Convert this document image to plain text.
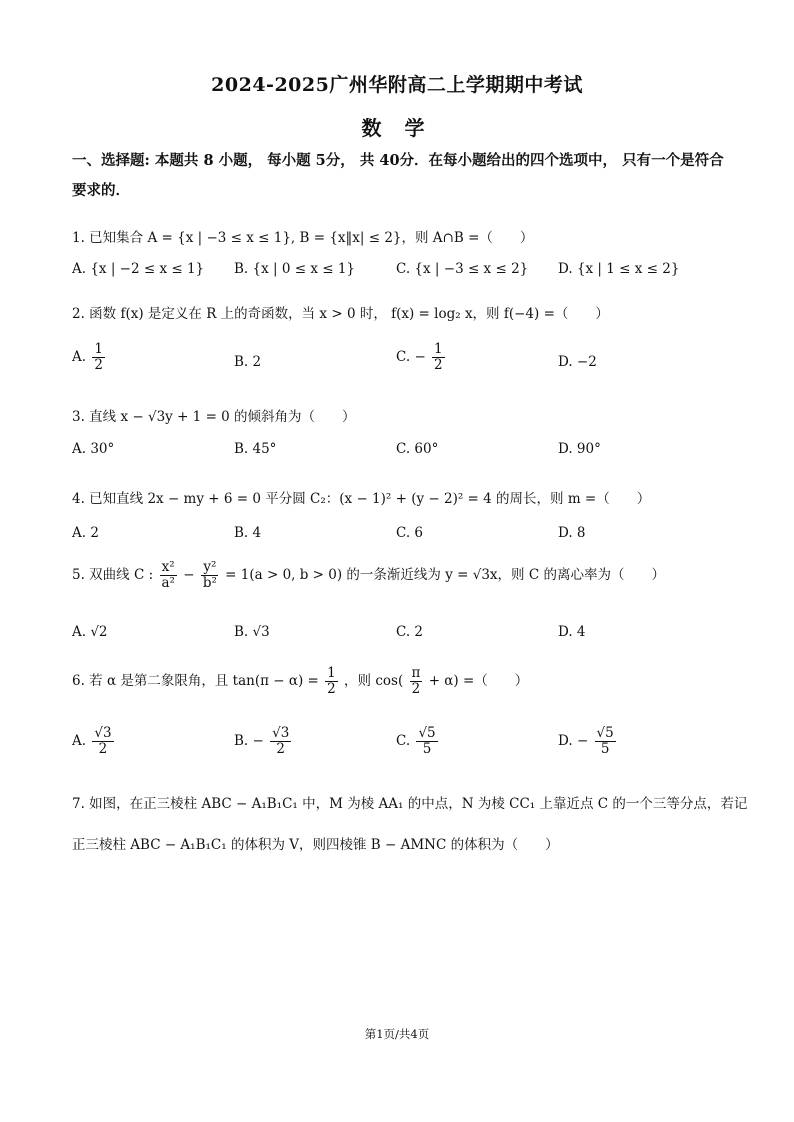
2024-2025广州华附高二上学期期中考试
数 学
一、选择题: 本题共 8 小题， 每小题 5分， 共 40分．在每小题给出的四个选项中， 只有一个是符合要求的．
1. 已知集合 A = {x | −3 ≤ x ≤ 1}, B = {x‖x| ≤ 2}，则 A∩B =（　　）
A. {x | −2 ≤ x ≤ 1} B. {x | 0 ≤ x ≤ 1}	C. {x | −3 ≤ x ≤ 2} D. {x | 1 ≤ x ≤ 2}
2. 函数 f(x) 是定义在 R 上的奇函数，当 x > 0 时， f(x) = log₂ x，则 f(−4) =（　　）
A. $\frac{1}{2}$	B. 2	C. − $\frac{1}{2}$	D. −2
3. 直线 x − √3y + 1 = 0 的倾斜角为（　　）
A. 30°	B. 45°	C. 60°	D. 90°
4. 已知直线 2x − my + 6 = 0 平分圆 C₂：(x − 1)² + (y − 2)² = 4 的周长，则 m =（　　）
A. 2	B. 4	C. 6	D. 8
5. 双曲线 C : $\frac{\text{x²}}{\text{a²}} - \frac{\text{y²}}{\text{b²}} = 1(a > 0$, b > 0) 的一条渐近线为 y = √3x，则 C 的离心率为（　　）
A. √2	B. √3	C. 2	D. 4
6. 若 α 是第二象限角，且 $\tan(\pi - \alpha) = \frac{1}{2}$ ，则 $\cos( \frac{\pi}{2} + \alpha)$ =（　　）
A. $\frac{√3}{2}$	B. − $\frac{√3}{2}$	C. $\frac{√5}{5}$	D. − $\frac{√5}{5}$
7. 如图，在正三棱柱 ABC − A₁B₁C₁ 中，M 为棱 AA₁ 的中点，N 为棱 CC₁ 上靠近点 C 的一个三等分点，若记
正三棱柱 ABC − A₁B₁C₁ 的体积为 V，则四棱锥 B − AMNC 的体积为（　　）
第1页/共4页
